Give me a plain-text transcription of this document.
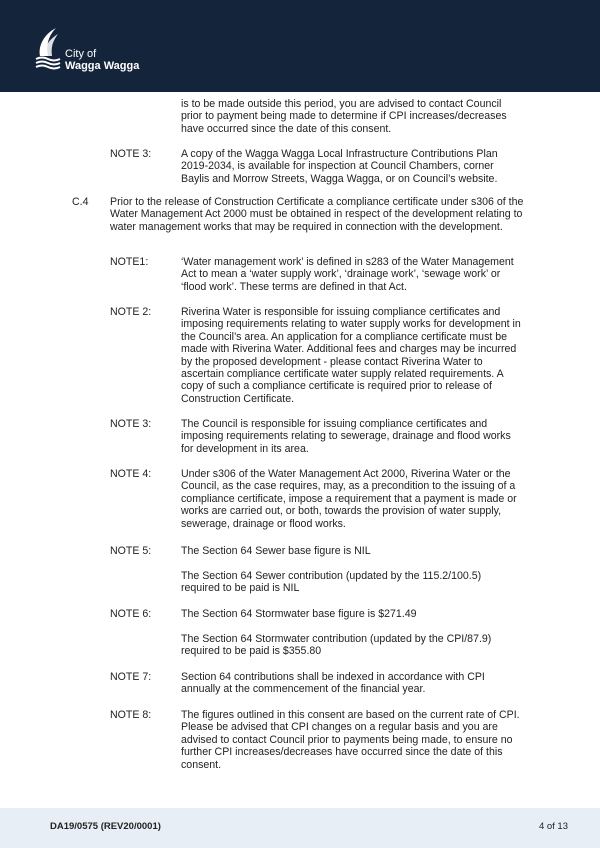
City of
Wagga Wagga
is to be made outside this period, you are advised to contact Council prior to payment being made to determine if CPI increases/decreases have occurred since the date of this consent.
NOTE 3:	A copy of the Wagga Wagga Local Infrastructure Contributions Plan 2019-2034, is available for inspection at Council Chambers, corner Baylis and Morrow Streets, Wagga Wagga, or on Council’s website.
C.4 Prior to the release of Construction Certificate a compliance certificate under s306 of the Water Management Act 2000 must be obtained in respect of the development relating to water management works that may be required in connection with the development.
NOTE1:	‘Water management work’ is defined in s283 of the Water Management Act to mean a ‘water supply work’, ‘drainage work’, ‘sewage work’ or ‘flood work’. These terms are defined in that Act.
NOTE 2:	Riverina Water is responsible for issuing compliance certificates and imposing requirements relating to water supply works for development in the Council’s area. An application for a compliance certificate must be made with Riverina Water. Additional fees and charges may be incurred by the proposed development - please contact Riverina Water to ascertain compliance certificate water supply related requirements. A copy of such a compliance certificate is required prior to release of Construction Certificate.
NOTE 3:	The Council is responsible for issuing compliance certificates and imposing requirements relating to sewerage, drainage and flood works for development in its area.
NOTE 4:	Under s306 of the Water Management Act 2000, Riverina Water or the Council, as the case requires, may, as a precondition to the issuing of a compliance certificate, impose a requirement that a payment is made or works are carried out, or both, towards the provision of water supply, sewerage, drainage or flood works.
NOTE 5:	The Section 64 Sewer base figure is NIL
The Section 64 Sewer contribution (updated by the 115.2/100.5) required to be paid is NIL
NOTE 6:	The Section 64 Stormwater base figure is $271.49
The Section 64 Stormwater contribution (updated by the CPI/87.9) required to be paid is $355.80
NOTE 7:	Section 64 contributions shall be indexed in accordance with CPI annually at the commencement of the financial year.
NOTE 8:	The figures outlined in this consent are based on the current rate of CPI. Please be advised that CPI changes on a regular basis and you are advised to contact Council prior to payments being made, to ensure no further CPI increases/decreases have occurred since the date of this consent.
DA19/0575 (REV20/0001)	4 of 13
